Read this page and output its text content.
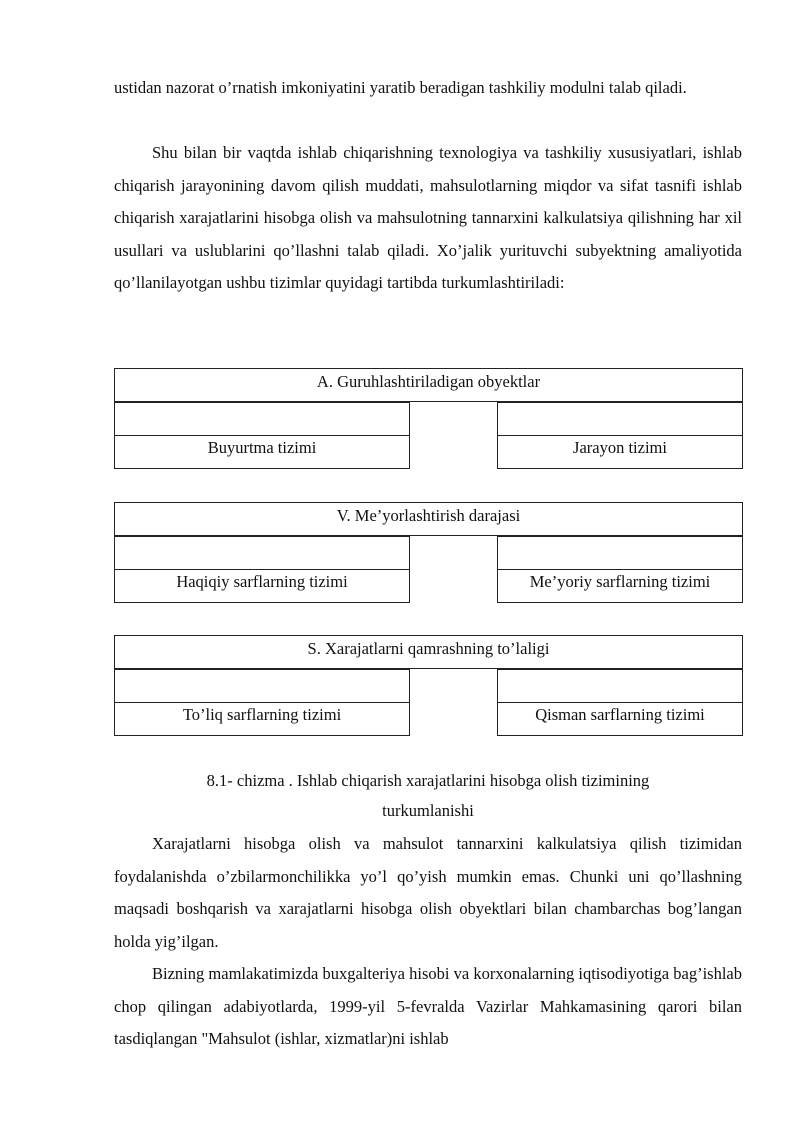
ustidan nazorat o’rnatish imkoniyatini yaratib beradigan tashkiliy modulni talab qiladi.

Shu bilan bir vaqtda ishlab chiqarishning texnologiya va tashkiliy xususiyatlari, ishlab chiqarish jarayonining davom qilish muddati, mahsulotlarning miqdor va sifat tasnifi ishlab chiqarish xarajatlarini hisobga olish va mahsulotning tannarxini kalkulatsiya qilishning har xil usullari va uslublarini qo’llashni talab qiladi. Xo’jalik yurituvchi subyektning amaliyotida qo’llanilayotgan ushbu tizimlar quyidagi tartibda turkumlashtiriladi:

A. Guruhlashtiriladigan obyektlar
Buyurtma tizimi	Jarayon tizimi
V. Me’yorlashtirish darajasi
Haqiqiy sarflarning tizimi	Me’yoriy sarflarning tizimi
S. Xarajatlarni qamrashning to’laligi
To’liq sarflarning tizimi	Qisman sarflarning tizimi

8.1- chizma . Ishlab chiqarish xarajatlarini hisobga olish tizimining
turkumlanishi

Xarajatlarni hisobga olish va mahsulot tannarxini kalkulatsiya qilish tizimidan foydalanishda o’zbilarmonchilikka yo’l qo’yish mumkin emas. Chunki uni qo’llashning maqsadi boshqarish va xarajatlarni hisobga olish obyektlari bilan chambarchas bog’langan holda yig’ilgan.

Bizning mamlakatimizda buxgalteriya hisobi va korxonalarning iqtisodiyotiga bag’ishlab chop qilingan adabiyotlarda, 1999-yil 5-fevralda Vazirlar Mahkamasining qarori bilan tasdiqlangan "Mahsulot (ishlar, xizmatlar)ni ishlab
